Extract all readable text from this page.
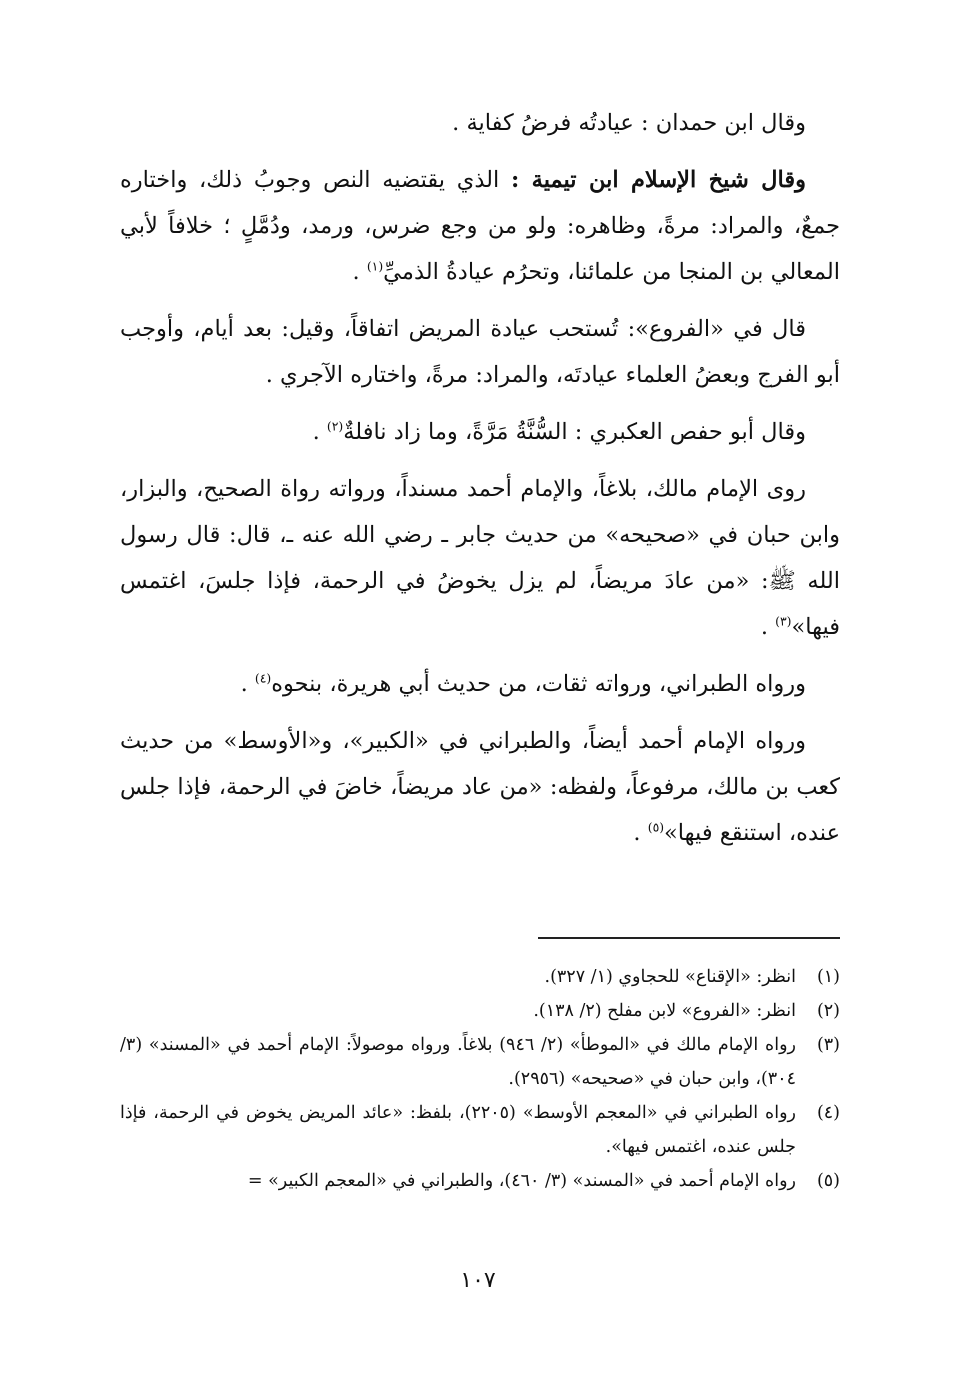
وقال ابن حمدان : عيادتُه فرضُ كفاية .

وقال شيخ الإسلام ابن تيمية : الذي يقتضيه النص وجوبُ ذلك، واختاره جمعٌ، والمراد: مرةً، وظاهره: ولو من وجع ضرس، ورمد، ودُمَّلٍ ؛ خلافاً لأبي المعالي بن المنجا من علمائنا، وتحرُم عيادةُ الذميِّ$^{(١)}$ .

قال في «الفروع»: تُستحب عيادة المريض اتفاقاً، وقيل: بعد أيام، وأوجب أبو الفرج وبعضُ العلماء عيادتَه، والمراد: مرةً، واختاره الآجري .

وقال أبو حفص العكبري : السُّنَّةُ مَرَّةً، وما زاد نافلةٌ$^{(٢)}$ .

روى الإمام مالك، بلاغاً، والإمام أحمد مسنداً، ورواته رواة الصحيح، والبزار، وابن حبان في «صحيحه» من حديث جابر ـ رضي الله عنه ـ، قال: قال رسول الله ﷺ: «من عادَ مريضاً، لم يزل يخوضُ في الرحمة، فإذا جلسَ، اغتمس فيها»$^{(٣)}$ .

ورواه الطبراني، ورواته ثقات، من حديث أبي هريرة، بنحوه$^{(٤)}$ .

ورواه الإمام أحمد أيضاً، والطبراني في «الكبير»، و«الأوسط» من حديث كعب بن مالك، مرفوعاً، ولفظه: «من عاد مريضاً، خاضَ في الرحمة، فإذا جلس عنده، استنقع فيها»$^{(٥)}$ .

(١)
انظر: «الإقناع» للحجاوي (١/ ٣٢٧).
(٢)
انظر: «الفروع» لابن مفلح (٢/ ١٣٨).
(٣)
رواه الإمام مالك في «الموطأ» (٢/ ٩٤٦) بلاغاً. ورواه موصولاً: الإمام أحمد في «المسند» (٣/ ٣٠٤)، وابن حبان في «صحيحه» (٢٩٥٦).
(٤)
رواه الطبراني في «المعجم الأوسط» (٢٢٠٥)، بلفظ: «عائد المريض يخوض في الرحمة، فإذا جلس عنده، اغتمس فيها».
(٥)
رواه الإمام أحمد في «المسند» (٣/ ٤٦٠)، والطبراني في «المعجم الكبير» =
١٠٧
